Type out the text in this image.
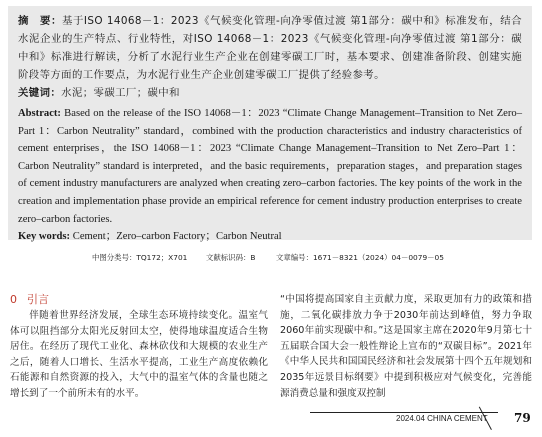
摘　要：基于ISO 14068－1：2023《气候变化管理-向净零值过渡 第1部分：碳中和》标准发布，结合水泥企业的生产特点、行业特性，对ISO 14068－1：2023《气候变化管理-向净零值过渡 第1部分：碳中和》标准进行解读，分析了水泥行业生产企业在创建零碳工厂时，基本要求、创建准备阶段、创建实施阶段等方面的工作要点，为水泥行业生产企业创建零碳工厂提供了经验参考。

关键词：水泥；零碳工厂；碳中和

Abstract: Based on the release of the ISO 14068－1：2023 “Climate Change Management–Transition to Net Zero–Part 1：Carbon Neutrality” standard，combined with the production characteristics and industry characteristics of cement enterprises，the ISO 14068－1：2023 “Climate Change Management–Transition to Net Zero–Part 1：Carbon Neutrality” standard is interpreted，and the basic requirements，preparation stages，and preparation stages of cement industry manufacturers are analyzed when creating zero–carbon factories. The key points of the work in the creation and implementation phase provide an empirical reference for cement industry production enterprises to create zero–carbon factories.

Key words: Cement；Zero–carbon Factory；Carbon Neutral

中图分类号：TQ172；X701	文献标识码：B	文章编号：1671－8321（2024）04－0079－05
0 引言

伴随着世界经济发展，全球生态环境持续变化。温室气体可以阻挡部分太阳光反射回太空，使得地球温度适合生物居住。在经历了现代工业化、森林砍伐和大规模的农业生产之后，随着人口增长、生活水平提高，工业生产高度依赖化石能源和自然资源的投入，大气中的温室气体的含量也随之增长到了一个前所未有的水平。

“中国将提高国家自主贡献力度，采取更加有力的政策和措施，二氧化碳排放力争于2030年前达到峰值，努力争取2060年前实现碳中和。”这是国家主席在2020年9月第七十五届联合国大会一般性辩论上宣布的“双碳目标”。2021年《中华人民共和国国民经济和社会发展第十四个五年规划和2035年远景目标纲要》中提到积极应对气候变化，完善能源消费总量和强度双控制

2024.04 CHINA CEMENT 79
